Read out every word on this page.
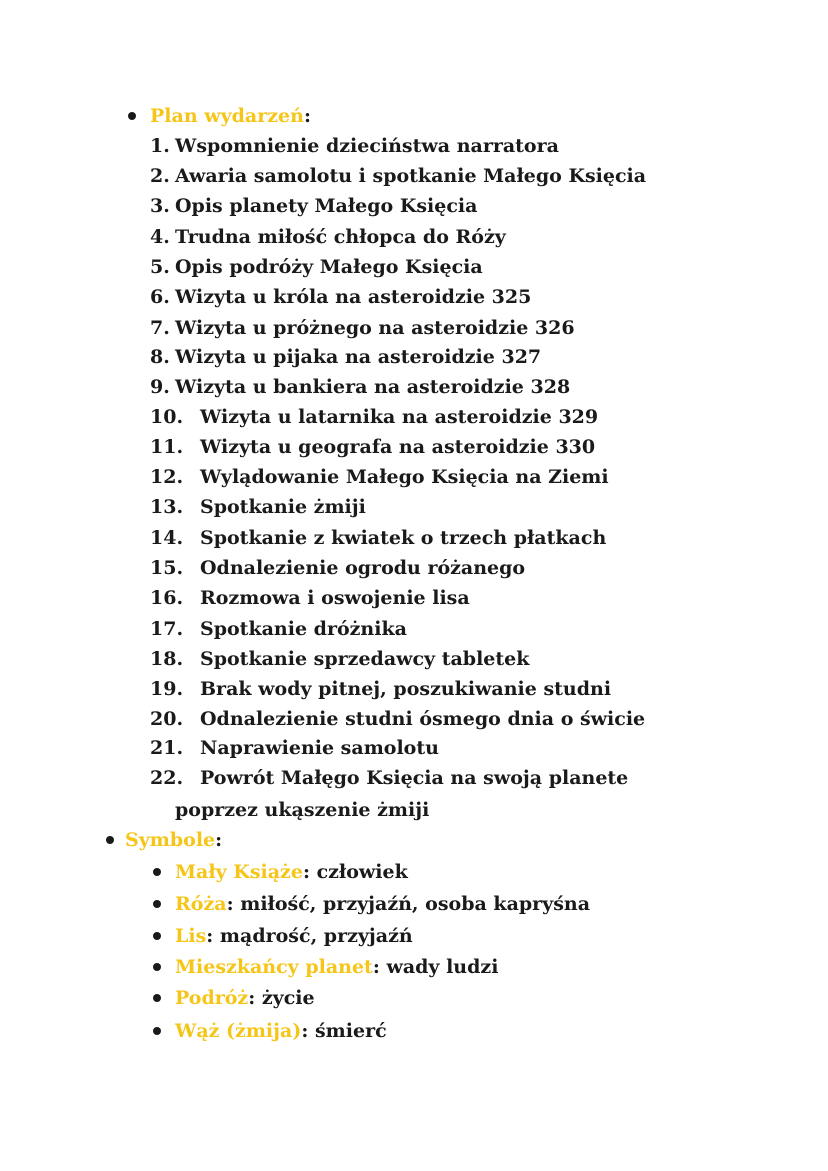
Plan wydarzeń:
1. Wspomnienie dzieciństwa narratora
2. Awaria samolotu i spotkanie Małego Księcia
3. Opis planety Małego Księcia
4. Trudna miłość chłopca do Róży
5. Opis podróży Małego Księcia
6. Wizyta u króla na asteroidzie 325
7. Wizyta u próżnego na asteroidzie 326
8. Wizyta u pijaka na asteroidzie 327
9. Wizyta u bankiera na asteroidzie 328
10. Wizyta u latarnika na asteroidzie 329
11. Wizyta u geografa na asteroidzie 330
12. Wylądowanie Małego Księcia na Ziemi
13. Spotkanie żmiji
14. Spotkanie z kwiatek o trzech płatkach
15. Odnalezienie ogrodu różanego
16. Rozmowa i oswojenie lisa
17. Spotkanie dróżnika
18. Spotkanie sprzedawcy tabletek
19. Brak wody pitnej, poszukiwanie studni
20. Odnalezienie studni ósmego dnia o świcie
21. Naprawienie samolotu
22. Powrót Małęgo Księcia na swoją planete
poprzez ukąszenie żmiji
Symbole:
Mały Książe: człowiek
Róża: miłość, przyjaźń, osoba kapryśna
Lis: mądrość, przyjaźń
Mieszkańcy planet: wady ludzi
Podróż: życie
Wąż (żmija): śmierć
